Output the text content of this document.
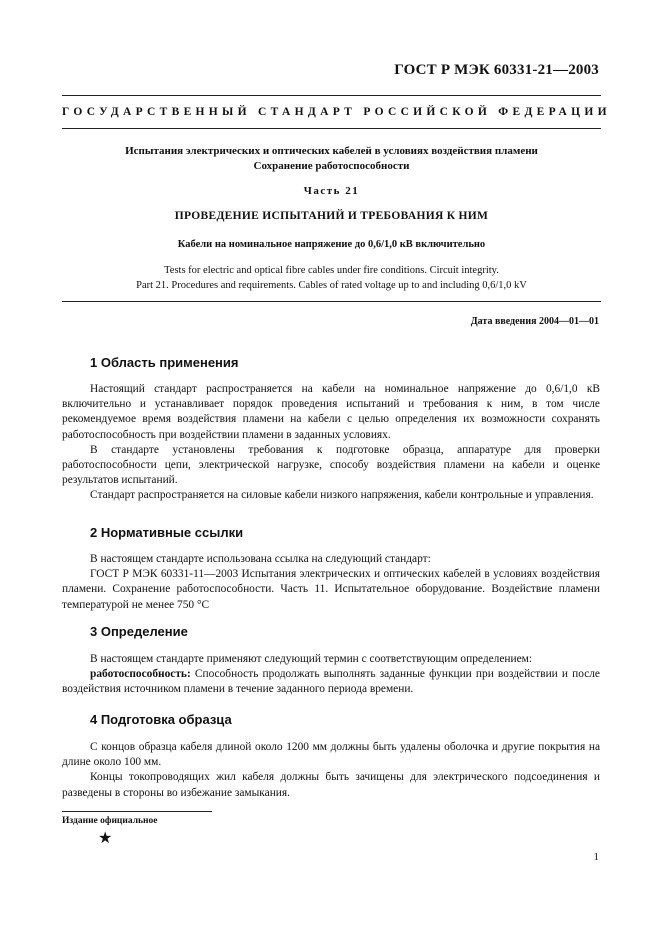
ГОСТ Р МЭК 60331-21—2003
ГОСУДАРСТВЕННЫЙ СТАНДАРТ РОССИЙСКОЙ ФЕДЕРАЦИИ
Испытания электрических и оптических кабелей в условиях воздействия пламени
Сохранение работоспособности
Часть 21
ПРОВЕДЕНИЕ ИСПЫТАНИЙ И ТРЕБОВАНИЯ К НИМ
Кабели на номинальное напряжение до 0,6/1,0 кВ включительно
Tests for electric and optical fibre cables under fire conditions. Circuit integrity.
Part 21. Procedures and requirements. Cables of rated voltage up to and including 0,6/1,0 kV
Дата введения 2004—01—01
1 Область применения

Настоящий стандарт распространяется на кабели на номинальное напряжение до 0,6/1,0 кВ включительно и устанавливает порядок проведения испытаний и требования к ним, в том числе рекомендуемое время воздействия пламени на кабели с целью определения их возможности сохранять работоспособность при воздействии пламени в заданных условиях.

В стандарте установлены требования к подготовке образца, аппаратуре для проверки работоспособности цепи, электрической нагрузке, способу воздействия пламени на кабели и оценке результатов испытаний.

Стандарт распространяется на силовые кабели низкого напряжения, кабели контрольные и управления.

2 Нормативные ссылки

В настоящем стандарте использована ссылка на следующий стандарт:

ГОСТ Р МЭК 60331-11—2003 Испытания электрических и оптических кабелей в условиях воздействия пламени. Сохранение работоспособности. Часть 11. Испытательное оборудование. Воздействие пламени температурой не менее 750 °С

3 Определение

В настоящем стандарте применяют следующий термин с соответствующим определением:

работоспособность: Способность продолжать выполнять заданные функции при воздействии и после воздействия источником пламени в течение заданного периода времени.

4 Подготовка образца

С концов образца кабеля длиной около 1200 мм должны быть удалены оболочка и другие покрытия на длине около 100 мм.

Концы токопроводящих жил кабеля должны быть зачищены для электрического подсоединения и разведены в стороны во избежание замыкания.

Издание официальное
★
1
